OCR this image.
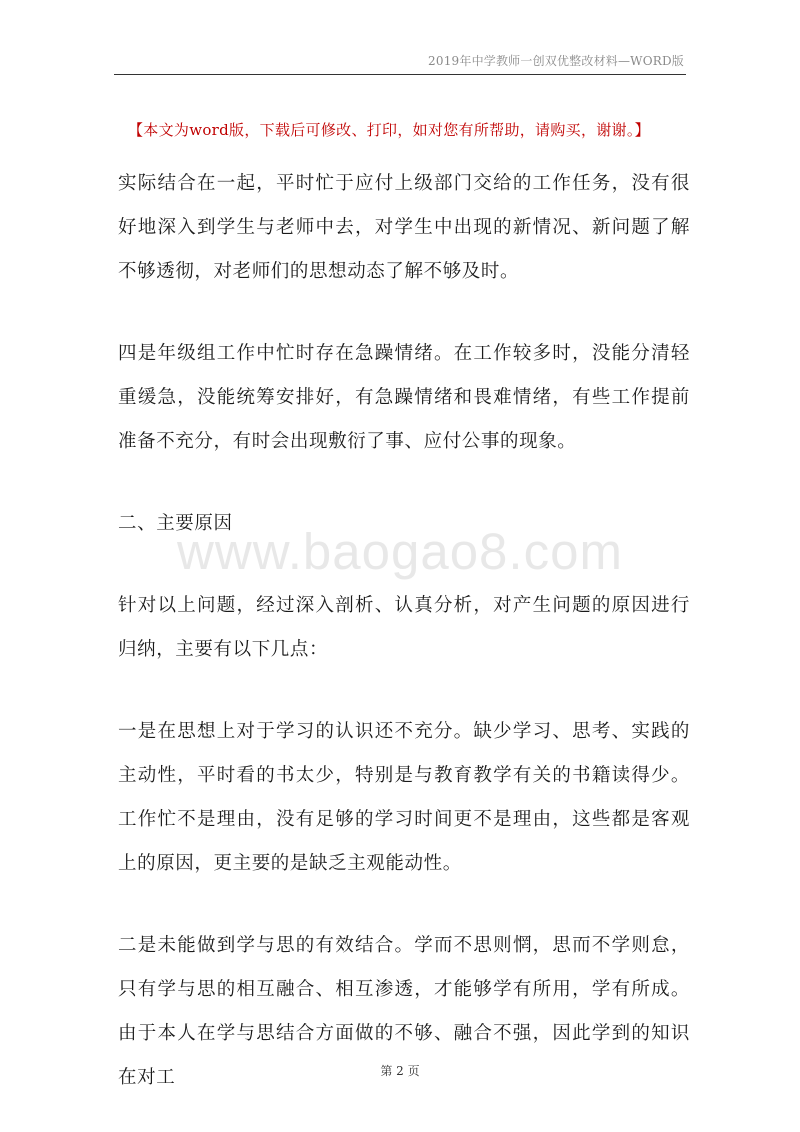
2019年中学教师一创双优整改材料—WORD版
【本文为word版，下载后可修改、打印，如对您有所帮助，请购买，谢谢。】

实际结合在一起，平时忙于应付上级部门交给的工作任务，没有很好地深入到学生与老师中去，对学生中出现的新情况、新问题了解不够透彻，对老师们的思想动态了解不够及时。

四是年级组工作中忙时存在急躁情绪。在工作较多时，没能分清轻重缓急，没能统筹安排好，有急躁情绪和畏难情绪，有些工作提前准备不充分，有时会出现敷衍了事、应付公事的现象。

二、主要原因

针对以上问题，经过深入剖析、认真分析，对产生问题的原因进行归纳，主要有以下几点：

一是在思想上对于学习的认识还不充分。缺少学习、思考、实践的主动性，平时看的书太少，特别是与教育教学有关的书籍读得少。工作忙不是理由，没有足够的学习时间更不是理由，这些都是客观上的原因，更主要的是缺乏主观能动性。

二是未能做到学与思的有效结合。学而不思则惘，思而不学则怠，只有学与思的相互融合、相互渗透，才能够学有所用，学有所成。由于本人在学与思结合方面做的不够、融合不强，因此学到的知识在对工

www.baogao8.com
第 2 页
